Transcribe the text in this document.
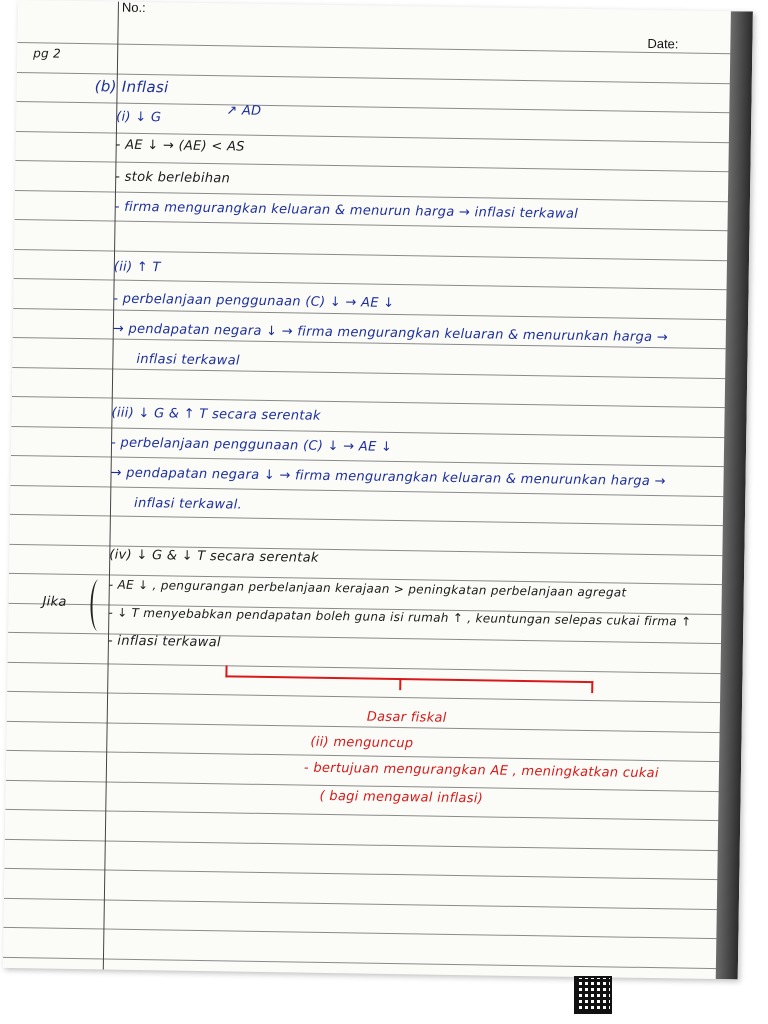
No.:
Date:
pg 2
(b) Inflasi
(i) ↓ G	↗ AD
- AE ↓ → (AE) < AS
- stok berlebihan
- firma mengurangkan keluaran & menurun harga → inflasi terkawal
(ii) ↑ T
- perbelanjaan penggunaan (C) ↓ → AE ↓
→ pendapatan negara ↓ → firma mengurangkan keluaran & menurunkan harga →
inflasi terkawal
(iii) ↓ G & ↑ T secara serentak
- perbelanjaan penggunaan (C) ↓ → AE ↓
→ pendapatan negara ↓ → firma mengurangkan keluaran & menurunkan harga →
inflasi terkawal.
(iv) ↓ G & ↓ T secara serentak
Jika
- AE ↓ , pengurangan perbelanjaan kerajaan > peningkatan perbelanjaan agregat
- ↓ T menyebabkan pendapatan boleh guna isi rumah ↑ , keuntungan selepas cukai firma ↑
- inflasi terkawal
Dasar fiskal
(ii) menguncup
- bertujuan mengurangkan AE , meningkatkan cukai
( bagi mengawal inflasi)
